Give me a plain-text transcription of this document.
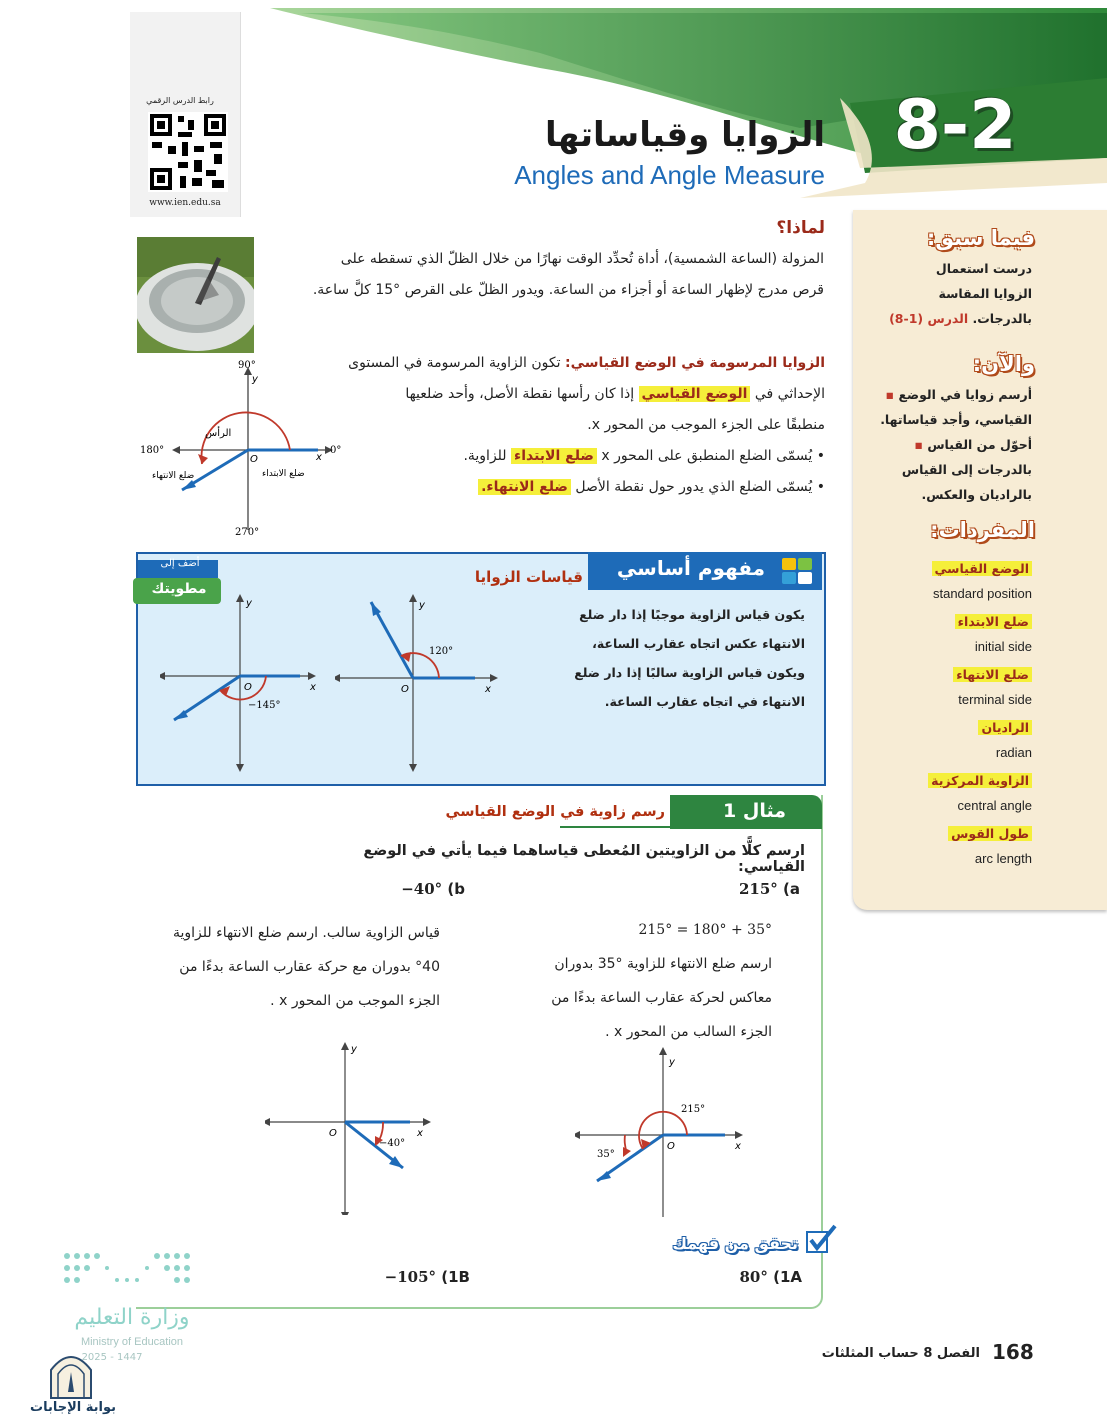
8-2
الزوايا وقياساتها
Angles and Angle Measure
رابط الدرس الرقمي
www.ien.edu.sa
لماذا؟
المزولة (الساعة الشمسية)، أداة تُحدِّد الوقت نهارًا من خلال الظلّ الذي تسقطه على
قرص مدرج لإظهار الساعة أو أجزاء من الساعة. ويدور الظلّ على القرص °15 كلَّ ساعة.
الزوايا المرسومة في الوضع القياسي: تكون الزاوية المرسومة في المستوى
الإحداثي في الوضع القياسي إذا كان رأسها نقطة الأصل، وأحد ضلعيها
منطبقًا على الجزء الموجب من المحور x.
• يُسمّى الضلع المنطبق على المحور x ضلع الابتداء للزاوية.
• يُسمّى الضلع الذي يدور حول نقطة الأصل ضلع الانتهاء.
90°
180°	0°
270°
y
x
O
الرأس
ضلع الانتهاء	ضلع الابتداء
فيما سبق:
درست استعمال
الزوايا المقاسة
بالدرجات. الدرس (1-8)
والآن:
أرسم زوايا في الوضع ▪
القياسي، وأجد قياساتها.
أحوّل من القياس ▪
بالدرجات إلى القياس
بالراديان والعكس.
المفردات:
الوضع القياسي
standard position
ضلع الابتداء
initial side
ضلع الانتهاء
terminal side
الراديان
radian
الزاوية المركزية
central angle
طول القوس
arc length
مفهوم أساسي
قياسات الزوايا
يكون قياس الزاوية موجبًا إذا دار ضلع
الانتهاء عكس اتجاه عقارب الساعة،
ويكون قياس الزاوية سالبًا إذا دار ضلع
الانتهاء في اتجاه عقارب الساعة.
أضف إلى
مطويتك
120°
y
x
O
−145°
y
x
O
مثال 1
رسم زاوية في الوضع القياسي
ارسم كلًّا من الزاويتين المُعطى قياساهما فيما يأتي في الوضع القياسي:
215° (a
−40° (b
215° = 180° + 35°
ارسم ضلع الانتهاء للزاوية °35 بدوران
معاكس لحركة عقارب الساعة بدءًا من
الجزء السالب من المحور x .
قياس الزاوية سالب. ارسم ضلع الانتهاء للزاوية
°40 بدوران مع حركة عقارب الساعة بدءًا من
الجزء الموجب من المحور x .
215°
35°
y
x
O
−40°
y
x
O
تحقق من فهمك
80° (1A
−105° (1B
وزارة التعليم
Ministry of Education
2025 - 1447
بوابة الإجابات
168
الفصل 8 حساب المثلثات
